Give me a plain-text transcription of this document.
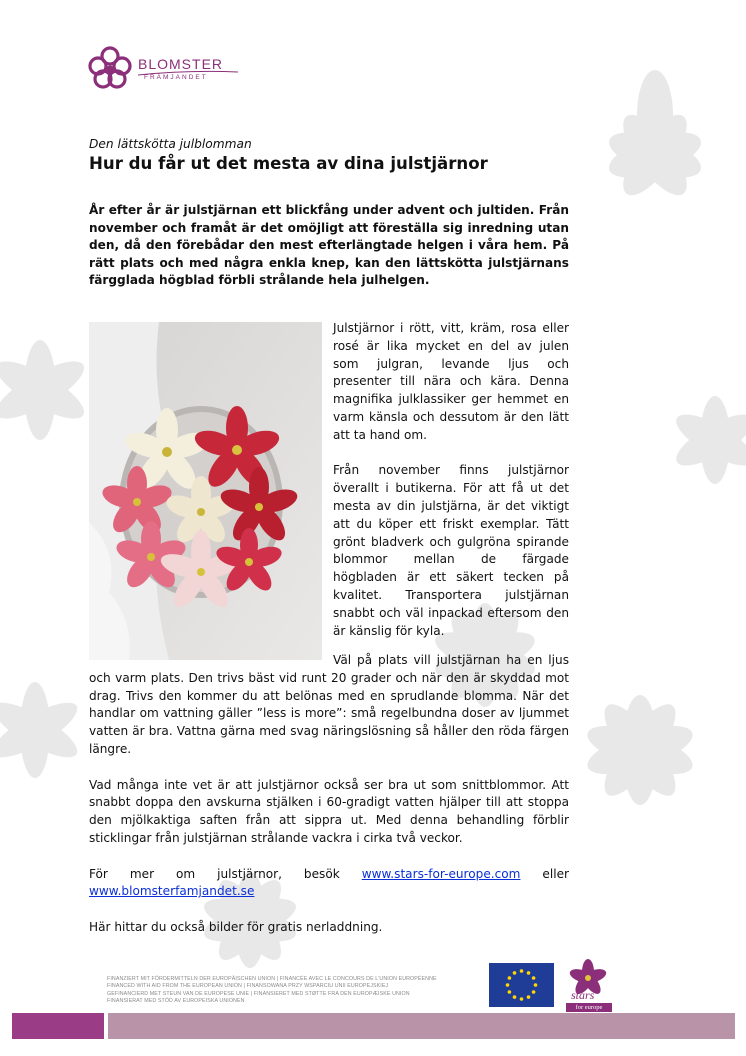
BLOMSTER
FRÄMJANDET
Den lättskötta julblomman
Hur du får ut det mesta av dina julstjärnor

År efter år är julstjärnan ett blickfång under advent och jultiden. Från november och framåt är det omöjligt att föreställa sig inredning utan den, då den förebådar den mest efterlängtade helgen i våra hem. På rätt plats och med några enkla knep, kan den lättskötta julstjärnans färgglada högblad förbli strålande hela julhelgen.

Julstjärnor i rött, vitt, kräm, rosa eller rosé är lika mycket en del av julen som julgran, levande ljus och presenter till nära och kära. Denna magnifika julklassiker ger hemmet en varm känsla och dessutom är den lätt att ta hand om.

Från november finns julstjärnor överallt i butikerna. För att få ut det mesta av din julstjärna, är det viktigt att du köper ett friskt exemplar. Tätt grönt bladverk och gulgröna spirande blommor mellan de färgade högbladen är ett säkert tecken på kvalitet. Transportera julstjärnan snabbt och väl inpackad eftersom den är känslig för kyla.

Väl på plats vill julstjärnan ha en ljus och varm plats. Den trivs bäst vid runt 20 grader och när den är skyddad mot drag. Trivs den kommer du att belönas med en sprudlande blomma. När det handlar om vattning gäller ”less is more”: små regelbundna doser av ljummet vatten är bra. Vattna gärna med svag näringslösning så håller den röda färgen längre.

Vad många inte vet är att julstjärnor också ser bra ut som snittblommor. Att snabbt doppa den avskurna stjälken i 60-gradigt vatten hjälper till att stoppa den mjölkaktiga saften från att sippra ut. Med denna behandling förblir sticklingar från julstjärnan strålande vackra i cirka två veckor.

För mer om julstjärnor, besök www.stars-for-europe.com eller

www.blomsterfamjandet.se

Här hittar du också bilder för gratis nerladdning.

FINANZIERT MIT FÖRDERMITTELN DER EUROPÄISCHEN UNION | FINANCÉE AVEC LE CONCOURS DE L'UNION EUROPÉENNE
FINANCED WITH AID FROM THE EUROPEAN UNION | FINANSOWANA PRZY WSPARCIU UNII EUROPEJSKIEJ
GEFINANCIERD MET STEUN VAN DE EUROPESE UNIE | FINANSIERET MED STØTTE FRA DEN EUROPÆISKE UNION
FINANSIERAT MED STÖD AV EUROPEISKA UNIONEN	stars
for europe
